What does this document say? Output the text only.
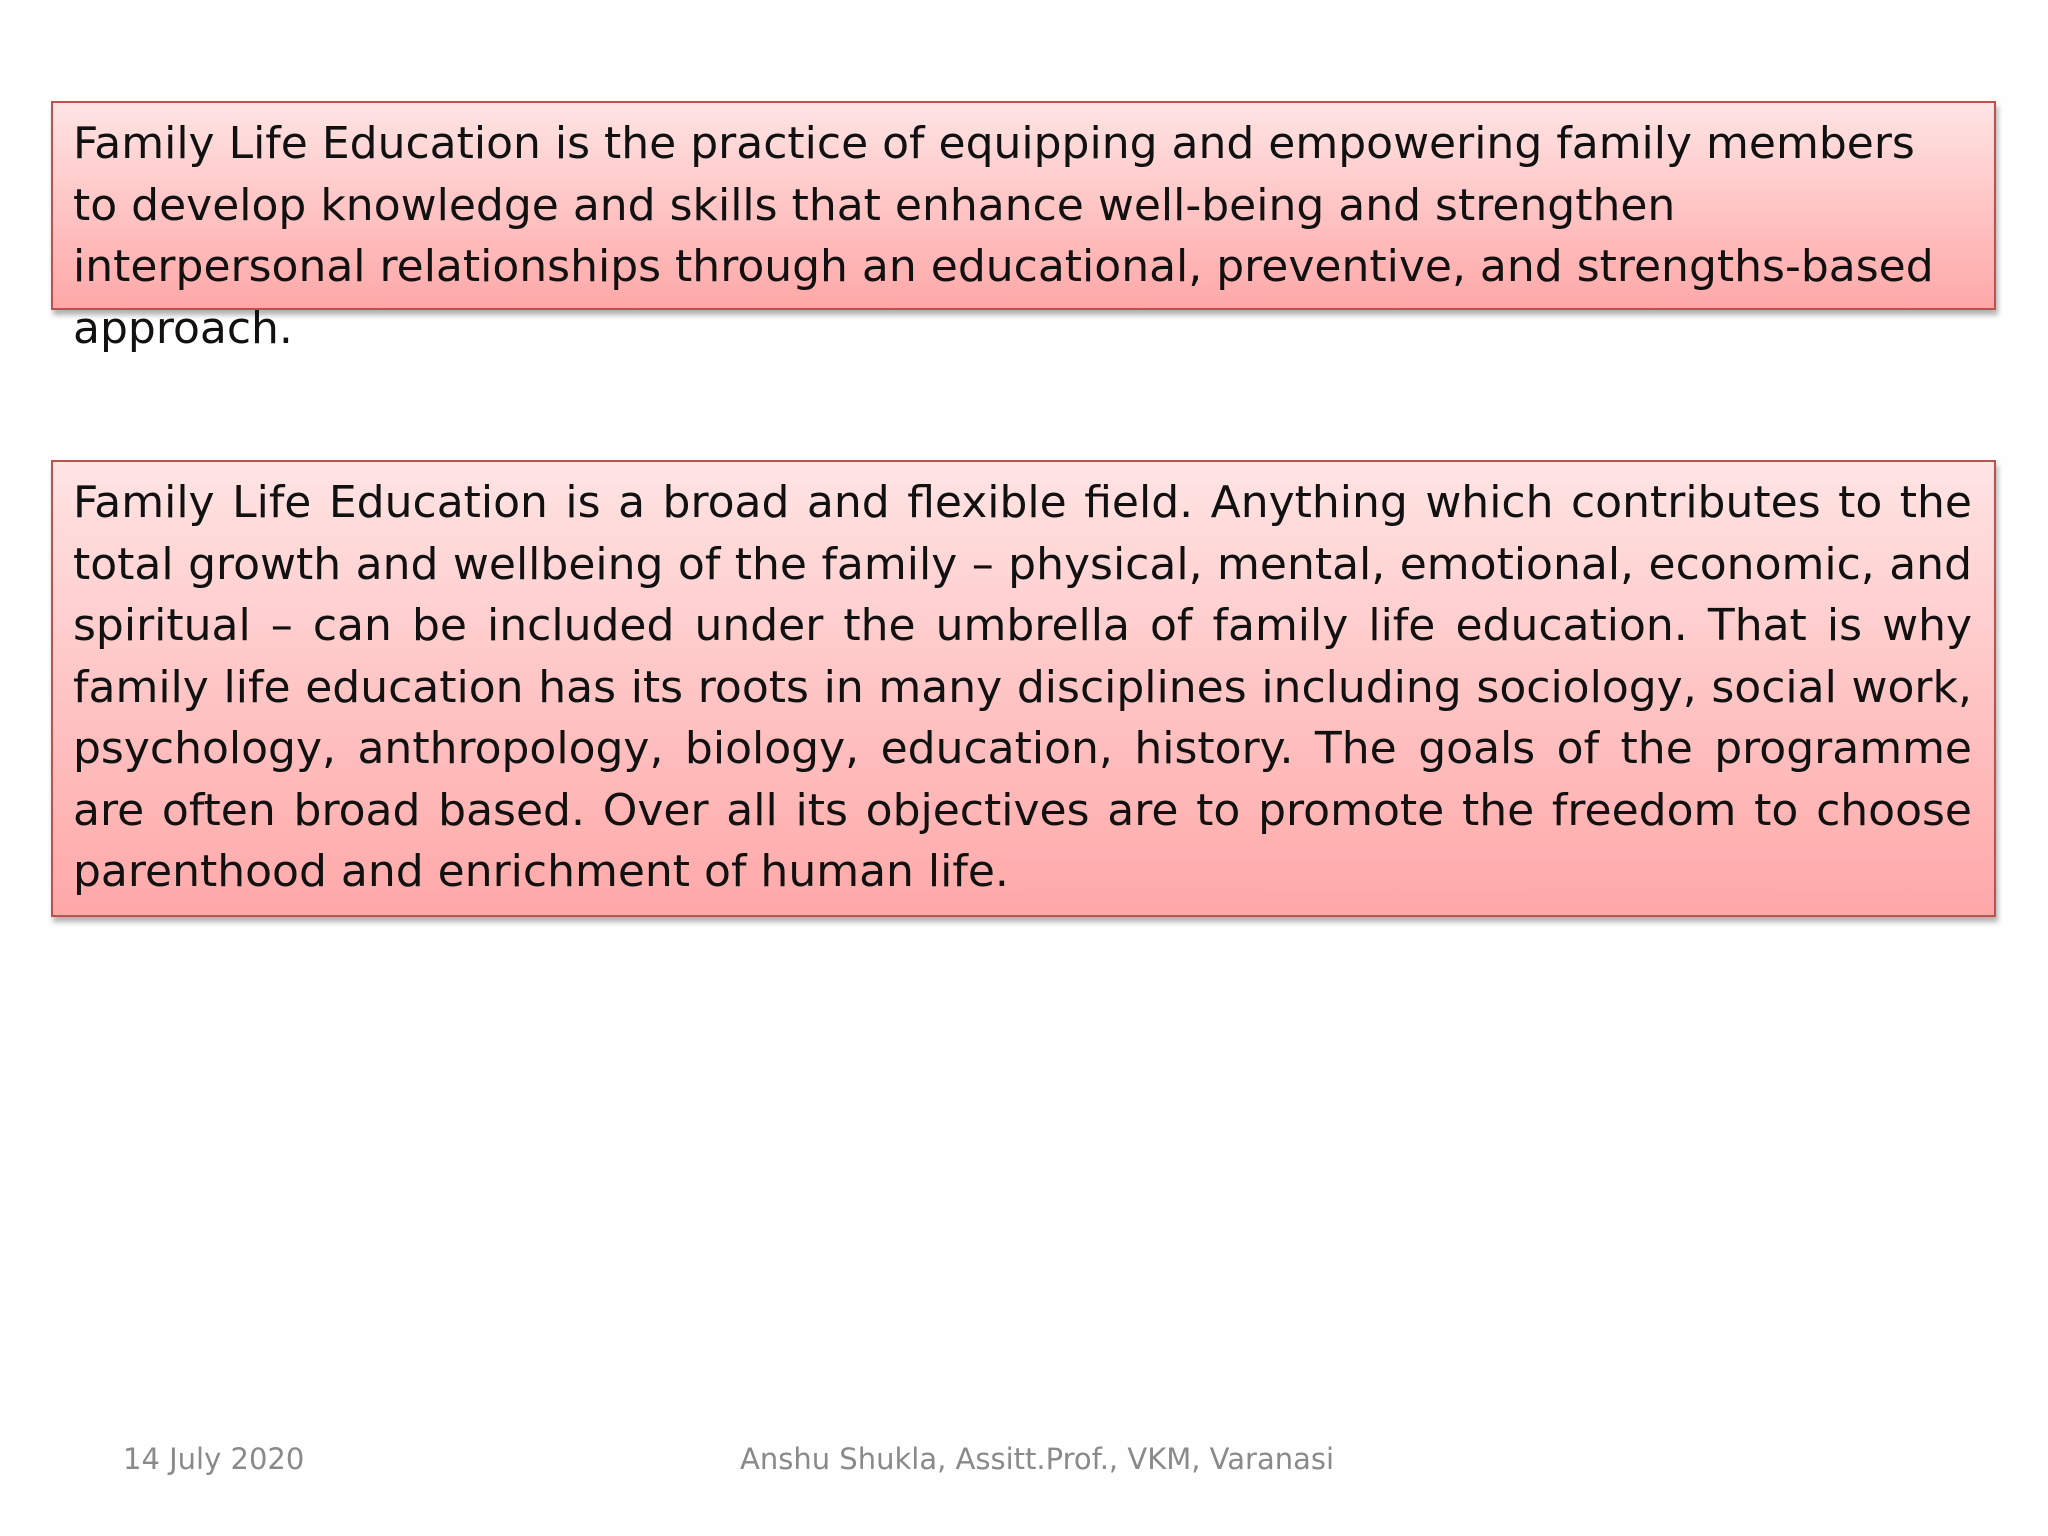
Family Life Education is the practice of equipping and empowering family members to develop knowledge and skills that enhance well-being and strengthen interpersonal relationships through an educational, preventive, and strengths-based approach.

Family Life Education is a broad and flexible field. Anything which contributes to the total growth and wellbeing of the family – physical, mental, emotional, economic, and spiritual – can be included under the umbrella of family life education. That is why family life education has its roots in many disciplines including sociology, social work, psychology, anthropology, biology, education, history. The goals of the programme are often broad based. Over all its objectives are to promote the freedom to choose parenthood and enrichment of human life.

14 July 2020	Anshu Shukla, Assitt.Prof., VKM, Varanasi
